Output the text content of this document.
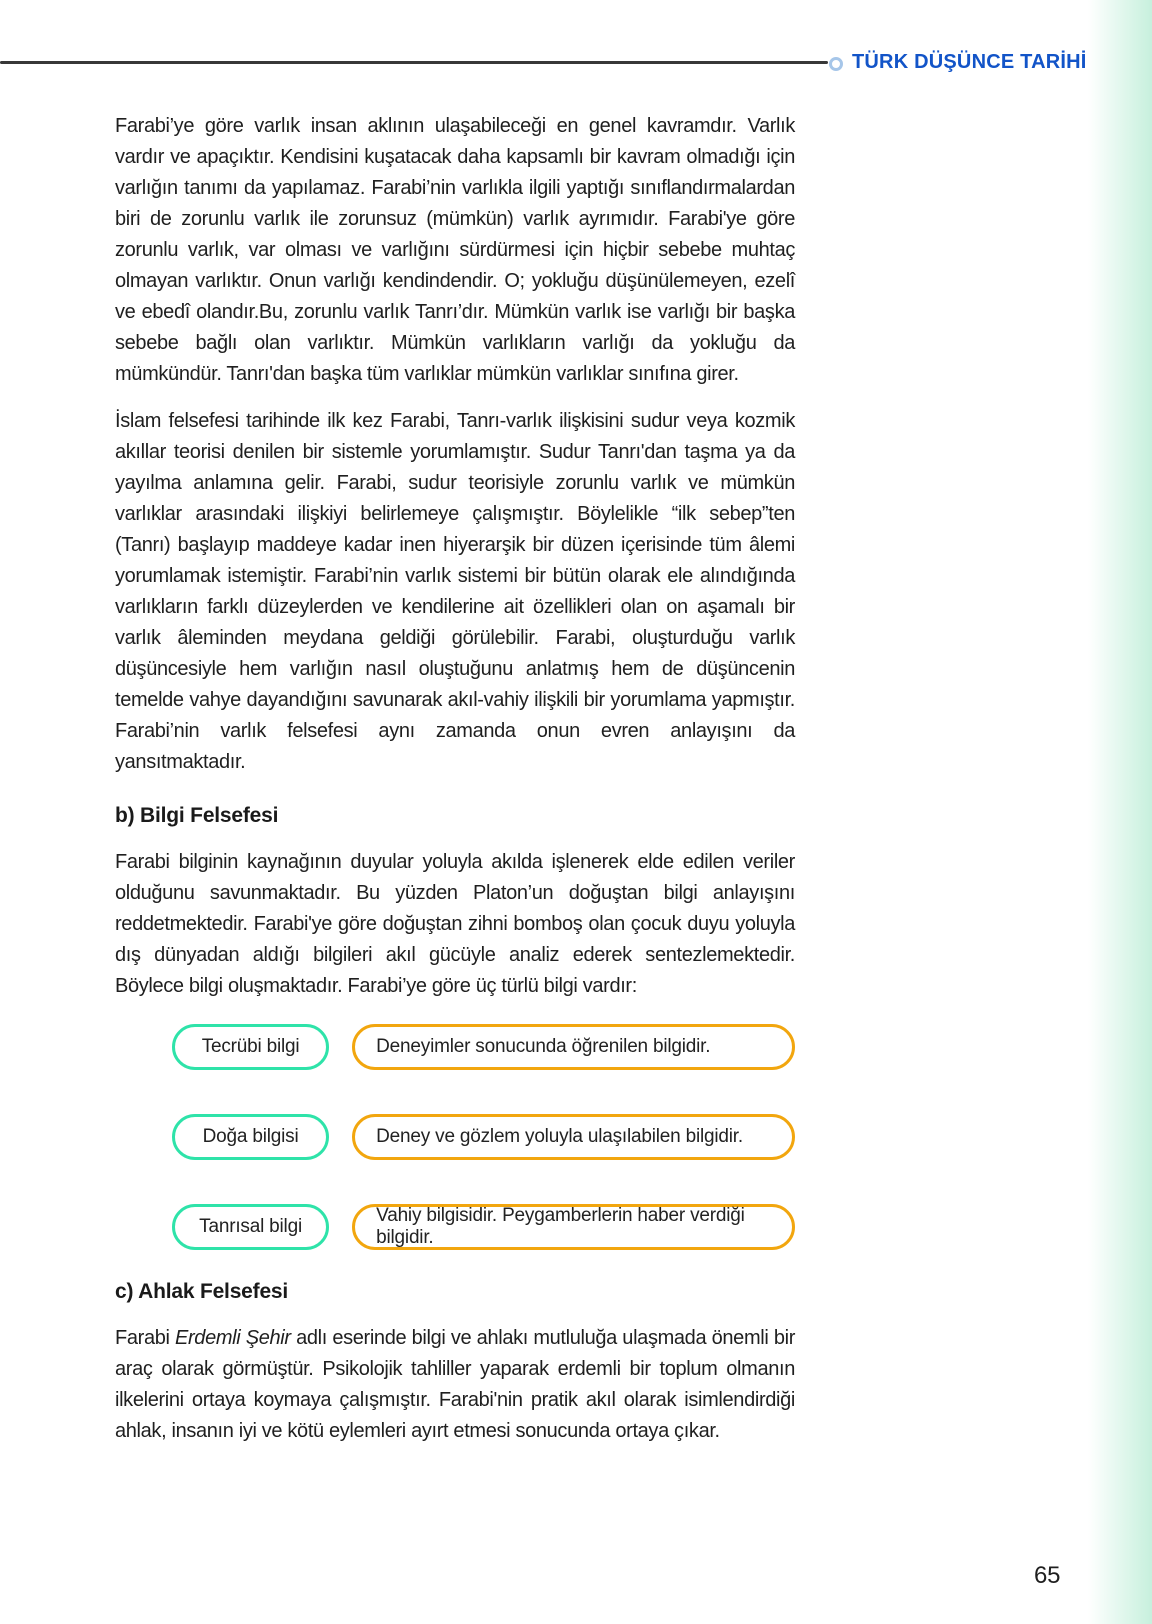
TÜRK DÜŞÜNCE TARİHİ

Farabi’ye göre varlık insan aklının ulaşabileceği en genel kavramdır. Varlık vardır ve apaçıktır. Kendisini kuşatacak daha kapsamlı bir kavram olmadığı için varlığın tanımı da yapılamaz. Farabi’nin varlıkla ilgili yaptığı sınıflandırmalardan biri de zorunlu varlık ile zorunsuz (mümkün) varlık ayrımıdır. Farabi'ye göre zorunlu varlık, var olması ve varlığını sürdürmesi için hiçbir sebebe muhtaç olmayan varlıktır. Onun varlığı kendindendir. O; yokluğu düşünülemeyen, ezelî ve ebedî olandır.Bu, zorunlu varlık Tanrı’dır. Mümkün varlık ise varlığı bir başka sebebe bağlı olan varlıktır. Mümkün varlıkların varlığı da yokluğu da mümkündür. Tanrı'dan başka tüm varlıklar mümkün varlıklar sınıfına girer.

İslam felsefesi tarihinde ilk kez Farabi, Tanrı-varlık ilişkisini sudur veya kozmik akıllar teorisi denilen bir sistemle yorumlamıştır. Sudur Tanrı'dan taşma ya da yayılma anlamına gelir. Farabi, sudur teorisiyle zorunlu varlık ve mümkün varlıklar arasındaki ilişkiyi belirlemeye çalışmıştır. Böylelikle “ilk sebep”ten (Tanrı) başlayıp maddeye kadar inen hiyerarşik bir düzen içerisinde tüm âlemi yorumlamak istemiştir. Farabi’nin varlık sistemi bir bütün olarak ele alındığında varlıkların farklı düzeylerden ve kendilerine ait özellikleri olan on aşamalı bir varlık âleminden meydana geldiği görülebilir. Farabi, oluşturduğu varlık düşüncesiyle hem varlığın nasıl oluştuğunu anlatmış hem de düşüncenin temelde vahye dayandığını savunarak akıl-vahiy ilişkili bir yorumlama yapmıştır. Farabi’nin varlık felsefesi aynı zamanda onun evren anlayışını da yansıtmaktadır.

b) Bilgi Felsefesi

Farabi bilginin kaynağının duyular yoluyla akılda işlenerek elde edilen veriler olduğunu savunmaktadır. Bu yüzden Platon’un doğuştan bilgi anlayışını reddetmektedir. Farabi'ye göre doğuştan zihni bomboş olan çocuk duyu yoluyla dış dünyadan aldığı bilgileri akıl gücüyle analiz ederek sentezlemektedir. Böylece bilgi oluşmaktadır. Farabi’ye göre üç türlü bilgi vardır:

Tecrübi bilgi	Deneyimler sonucunda öğrenilen bilgidir.
Doğa bilgisi	Deney ve gözlem yoluyla ulaşılabilen bilgidir.
Tanrısal bilgi
Vahiy bilgisidir. Peygamberlerin haber verdiği bilgidir.
c) Ahlak Felsefesi

Farabi Erdemli Şehir adlı eserinde bilgi ve ahlakı mutluluğa ulaşmada önemli bir araç olarak görmüştür. Psikolojik tahliller yaparak erdemli bir toplum olmanın ilkelerini ortaya koymaya çalışmıştır. Farabi'nin pratik akıl olarak isimlendirdiği ahlak, insanın iyi ve kötü eylemleri ayırt etmesi sonucunda ortaya çıkar.

65
